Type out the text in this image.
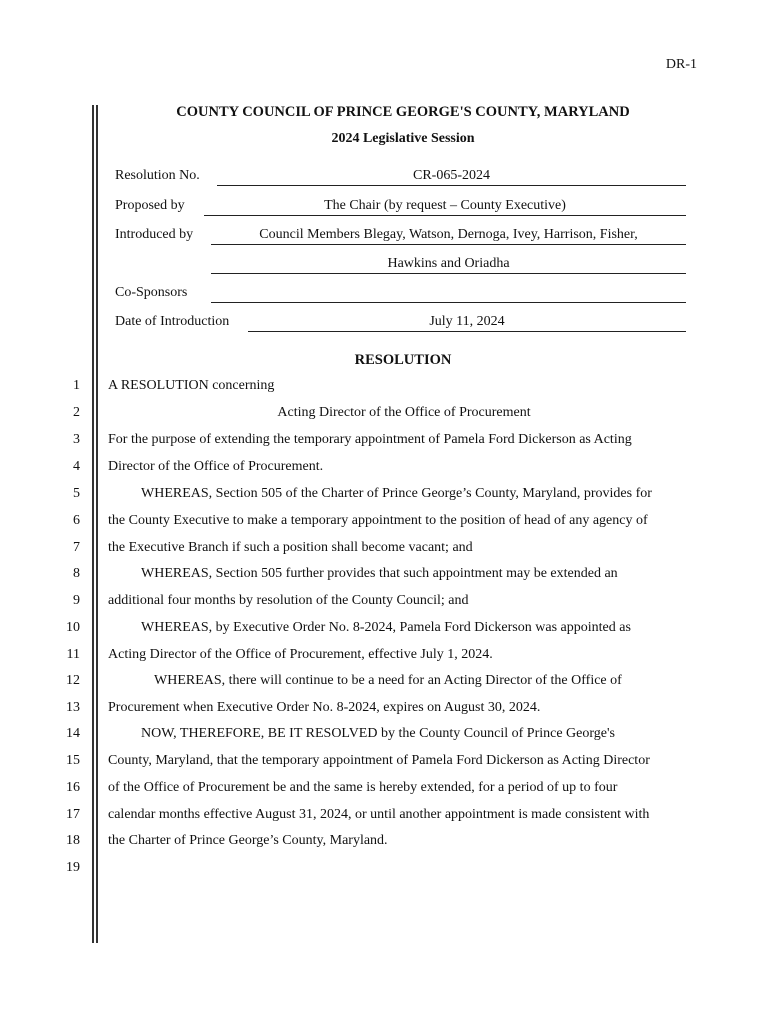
DR-1
COUNTY COUNCIL OF PRINCE GEORGE'S COUNTY, MARYLAND
2024 Legislative Session
Resolution No.	CR-065-2024
Proposed by	The Chair (by request – County Executive)
Introduced by	Council Members Blegay, Watson, Dernoga, Ivey, Harrison, Fisher,
Hawkins and Oriadha
Co-Sponsors
Date of Introduction	July 11, 2024
RESOLUTION
1 A RESOLUTION concerning
2	Acting Director of the Office of Procurement
3 For the purpose of extending the temporary appointment of Pamela Ford Dickerson as Acting
4 Director of the Office of Procurement.
5	WHEREAS, Section 505 of the Charter of Prince George’s County, Maryland, provides for
6 the County Executive to make a temporary appointment to the position of head of any agency of
7 the Executive Branch if such a position shall become vacant; and
8	WHEREAS, Section 505 further provides that such appointment may be extended an
9 additional four months by resolution of the County Council; and
10	WHEREAS, by Executive Order No. 8-2024, Pamela Ford Dickerson was appointed as
11 Acting Director of the Office of Procurement, effective July 1, 2024.
12	WHEREAS, there will continue to be a need for an Acting Director of the Office of
13 Procurement when Executive Order No. 8-2024, expires on August 30, 2024.
14	NOW, THEREFORE, BE IT RESOLVED by the County Council of Prince George's
15 County, Maryland, that the temporary appointment of Pamela Ford Dickerson as Acting Director
16 of the Office of Procurement be and the same is hereby extended, for a period of up to four
17 calendar months effective August 31, 2024, or until another appointment is made consistent with
18 the Charter of Prince George’s County, Maryland.
19
